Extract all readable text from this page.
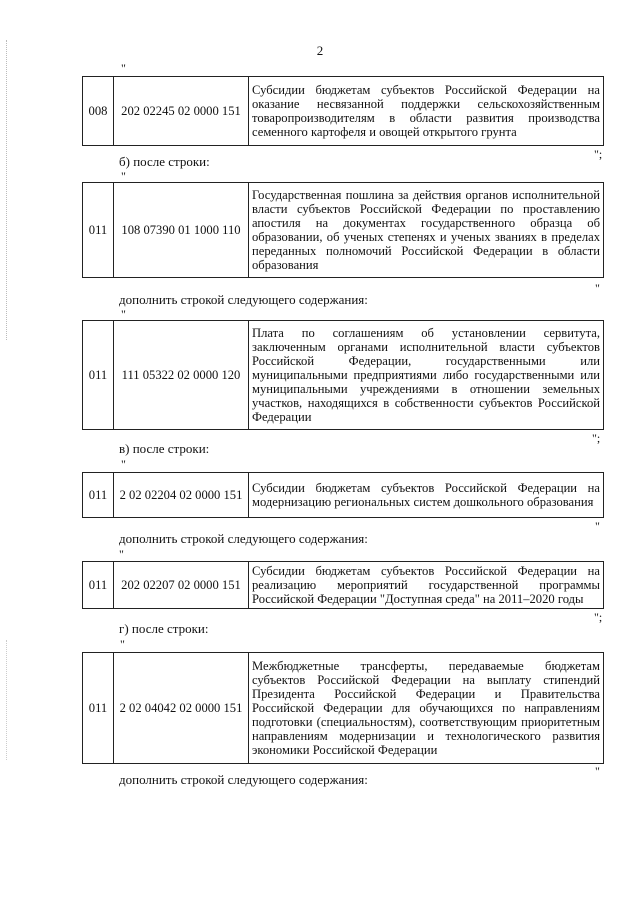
2
"
008	202 02245 02 0000 151	Субсидии бюджетам субъектов Российской Федерации на оказание несвязанной поддержки сельскохозяйственным товаропроизводителям в области развития производства семенного картофеля и овощей открытого грунта
";
б) после строки:
"
011	108 07390 01 1000 110	Государственная пошлина за действия органов исполнительной власти субъектов Российской Федерации по проставлению апостиля на документах государственного образца об образовании, об ученых степенях и ученых званиях в пределах переданных полномочий Российской Федерации в области образования
"
дополнить строкой следующего содержания:
"
011	111 05322 02 0000 120	Плата по соглашениям об установлении сервитута, заключенным органами исполнительной власти субъектов Российской Федерации, государственными или муниципальными предприятиями либо государственными или муниципальными учреждениями в отношении земельных участков, находящихся в собственности субъектов Российской Федерации
";
в) после строки:
"
011	2 02 02204 02 0000 151	Субсидии бюджетам субъектов Российской Федерации на модернизацию региональных систем дошкольного образования
"
дополнить строкой следующего содержания:
"
011	202 02207 02 0000 151	Субсидии бюджетам субъектов Российской Федерации на реализацию мероприятий государственной программы Российской Федерации "Доступная среда" на 2011–2020 годы
";
г) после строки:
"
011	2 02 04042 02 0000 151	Межбюджетные трансферты, передаваемые бюджетам субъектов Российской Федерации на выплату стипендий Президента Российской Федерации и Правительства Российской Федерации для обучающихся по направлениям подготовки (специальностям), соответствующим приоритетным направлениям модернизации и технологического развития экономики Российской Федерации
"
дополнить строкой следующего содержания:
